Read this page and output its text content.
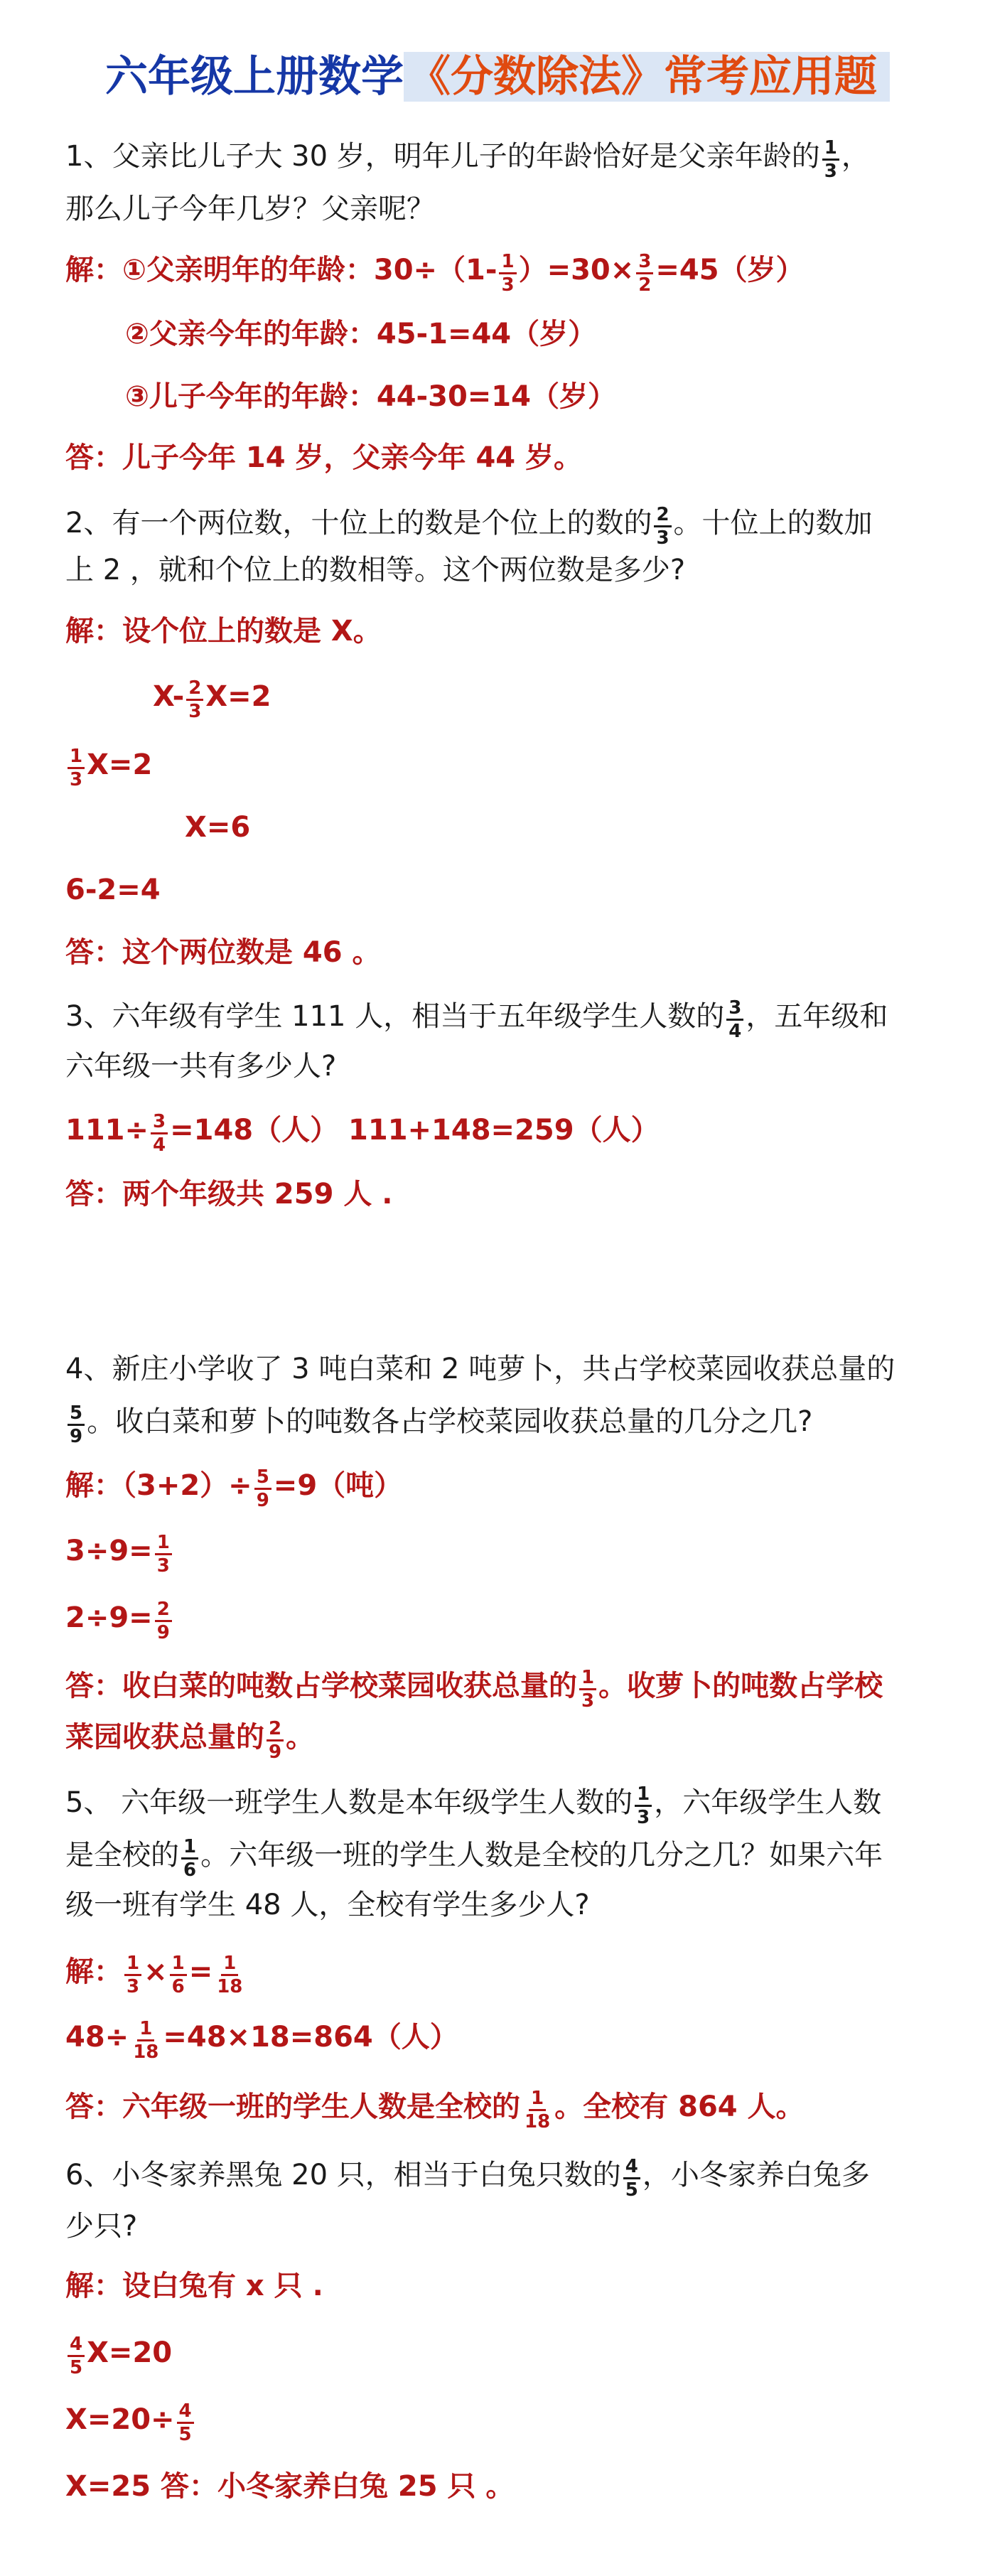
六年级上册数学 《分数除法》常考应用题
1、父亲比儿子大 30 岁，明年儿子的年龄恰好是父亲年龄的 $\frac{1}{3}$ ，
那么儿子今年几岁？父亲呢？
解：①父亲明年的年龄：$30\div(1- \frac{1}{3} )=30\times \frac{3}{2} =45$（岁）
②父亲今年的年龄：45-1=44（岁）
③儿子今年的年龄：44-30=14（岁）
答：儿子今年 14 岁，父亲今年 44 岁。
2、有一个两位数，十位上的数是个位上的数的 $\frac{2}{3}$ 。十位上的数加
上 2 ，就和个位上的数相等。这个两位数是多少?
解：设个位上的数是 X。
$X- \frac{2}{3} X=2$
$\frac{1}{3} X=2$
X=6
6-2=4
答：这个两位数是 46 。
3、六年级有学生 111 人，相当于五年级学生人数的 $\frac{3}{4}$ ，五年级和
六年级一共有多少人?
$111\div \frac{3}{4} =148$（人） 111+148=259（人）
答：两个年级共 259 人 .
4、新庄小学收了 3 吨白菜和 2 吨萝卜，共占学校菜园收获总量的
$\frac{5}{9}$ 。收白菜和萝卜的吨数各占学校菜园收获总量的几分之几?
解：$(3+2)\div \frac{5}{9} =9$（吨）
$3\div 9= \frac{1}{3}$
$2\div 9= \frac{2}{9}$
答：收白菜的吨数占学校菜园收获总量的 $\frac{1}{3}$ 。收萝卜的吨数占学校
菜园收获总量的 $\frac{2}{9}$ 。
5、 六年级一班学生人数是本年级学生人数的 $\frac{1}{3}$ ，六年级学生人数
是全校的 $\frac{1}{6}$ 。六年级一班的学生人数是全校的几分之几？如果六年
级一班有学生 48 人，全校有学生多少人?
解： $\frac{1}{3} \times \frac{1}{6} = \frac{1}{18}$
$48\div \frac{1}{18} =48\times 18=864$（人）
答：六年级一班的学生人数是全校的 $\frac{1}{18}$ 。全校有 864 人。
6、小冬家养黑兔 20 只，相当于白兔只数的 $\frac{4}{5}$ ，小冬家养白兔多
少只?
解：设白兔有 x 只 .
$\frac{4}{5} X=20$
$X=20\div \frac{4}{5}$
X=25 答：小冬家养白兔 25 只 。
